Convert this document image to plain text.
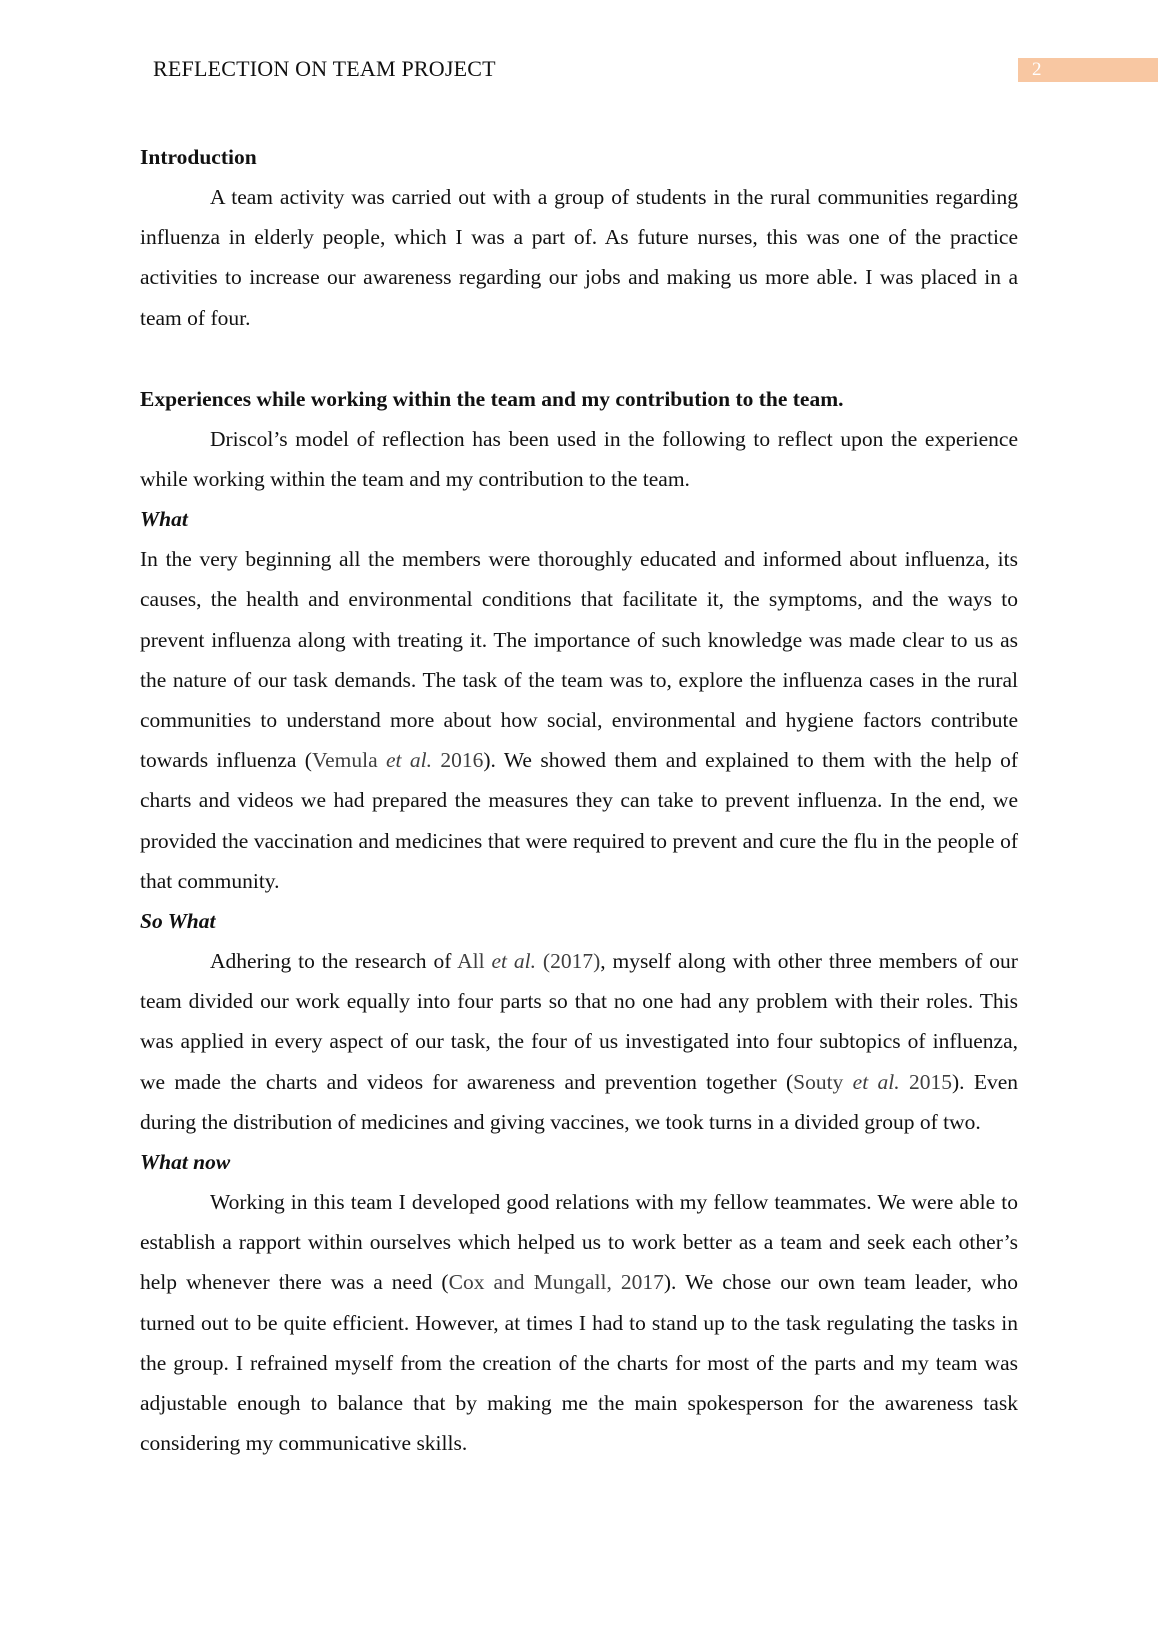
REFLECTION ON TEAM PROJECT	2
Introduction

A team activity was carried out with a group of students in the rural communities regarding influenza in elderly people, which I was a part of. As future nurses, this was one of the practice activities to increase our awareness regarding our jobs and making us more able. I was placed in a team of four.

Experiences while working within the team and my contribution to the team.

Driscol’s model of reflection has been used in the following to reflect upon the experience while working within the team and my contribution to the team.

What

In the very beginning all the members were thoroughly educated and informed about influenza, its causes, the health and environmental conditions that facilitate it, the symptoms, and the ways to prevent influenza along with treating it. The importance of such knowledge was made clear to us as the nature of our task demands. The task of the team was to, explore the influenza cases in the rural communities to understand more about how social, environmental and hygiene factors contribute towards influenza (Vemula et al. 2016). We showed them and explained to them with the help of charts and videos we had prepared the measures they can take to prevent influenza. In the end, we provided the vaccination and medicines that were required to prevent and cure the flu in the people of that community.

So What

Adhering to the research of All et al. (2017), myself along with other three members of our team divided our work equally into four parts so that no one had any problem with their roles. This was applied in every aspect of our task, the four of us investigated into four subtopics of influenza, we made the charts and videos for awareness and prevention together (Souty et al. 2015). Even during the distribution of medicines and giving vaccines, we took turns in a divided group of two.

What now

Working in this team I developed good relations with my fellow teammates. We were able to establish a rapport within ourselves which helped us to work better as a team and seek each other’s help whenever there was a need (Cox and Mungall, 2017). We chose our own team leader, who turned out to be quite efficient. However, at times I had to stand up to the task regulating the tasks in the group. I refrained myself from the creation of the charts for most of the parts and my team was adjustable enough to balance that by making me the main spokesperson for the awareness task considering my communicative skills.
